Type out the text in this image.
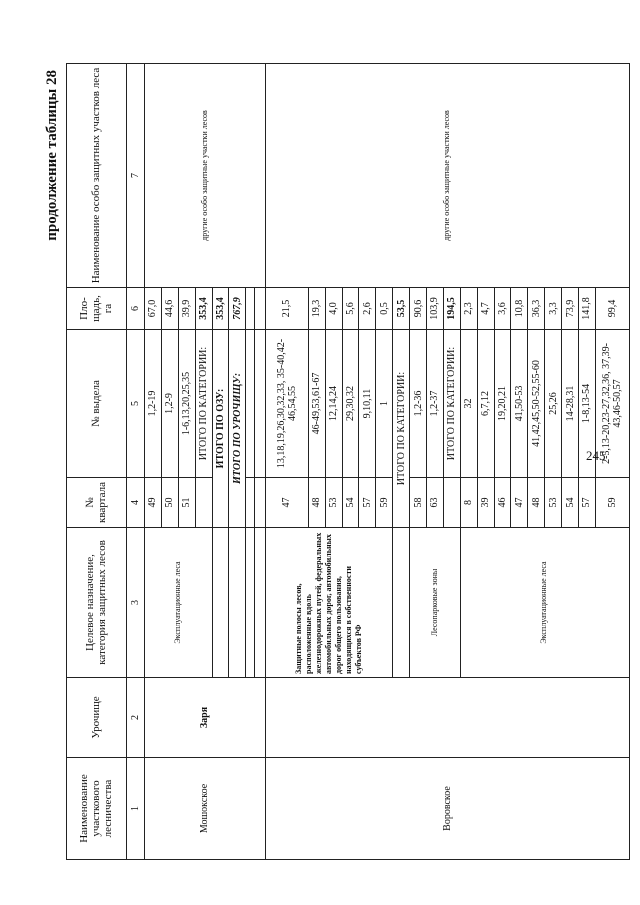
продолжение таблицы 28
Наименование участкового лесничества	Урочище	Целевое назначение, категория защитных лесов	№ квартала	№ выдела	Пло-щадь, га	Наименование особо защитных участков леса
1	2	3	4	5	6	7
Мошокское	Заря	Эксплуатационные леса	49	1,2-19	67,0	другие особо защитные участки лесов
			50	1,2-9	44,6	
			51	1-6,13,20,25,35	39,9	
				ИТОГО ПО КАТЕГОРИИ:	353,4	
			ИТОГО ПО ОЗУ:		353,4	
			ИТОГО ПО УРОЧИЩУ:		767,9	

Воровское		Защитные полосы лесов, расположенные вдоль железнодорожных путей, федеральных автомобильных дорог, автомобильных дорог общего пользования, находящихся в собственности субъектов РФ	47	13,18,19,26,30,32,33, 35-40,42-46,54,55	21,5	другие особо защитные участки лесов
			48	46-49,53,61-67	19,3	
			53	12,14,24	4,0	
			54	29,30,32	5,6	
			57	9,10,11	2,6	
			59	1	0,5	
			ИТОГО ПО КАТЕГОРИИ:		53,5	
		Лесопарковые зоны	58	1,2-36	90,6	
			63	1,2-37	103,9	
				ИТОГО ПО КАТЕГОРИИ:	194,5	
		Эксплуатационные леса	8	32	2,3	
			39	6,7,12	4,7	
			46	19,20,21	3,6	
			47	41,50-53	10,8	
			48	41,42,45,50-52,55-60	36,3	
			53	25,26	3,3	
			54	14-28,31	73,9	
			57	1-8,13-54	141,8	
			59	2-5,13-20,23-27,32,36, 37,39-43,46-50,57	99,4	
245
